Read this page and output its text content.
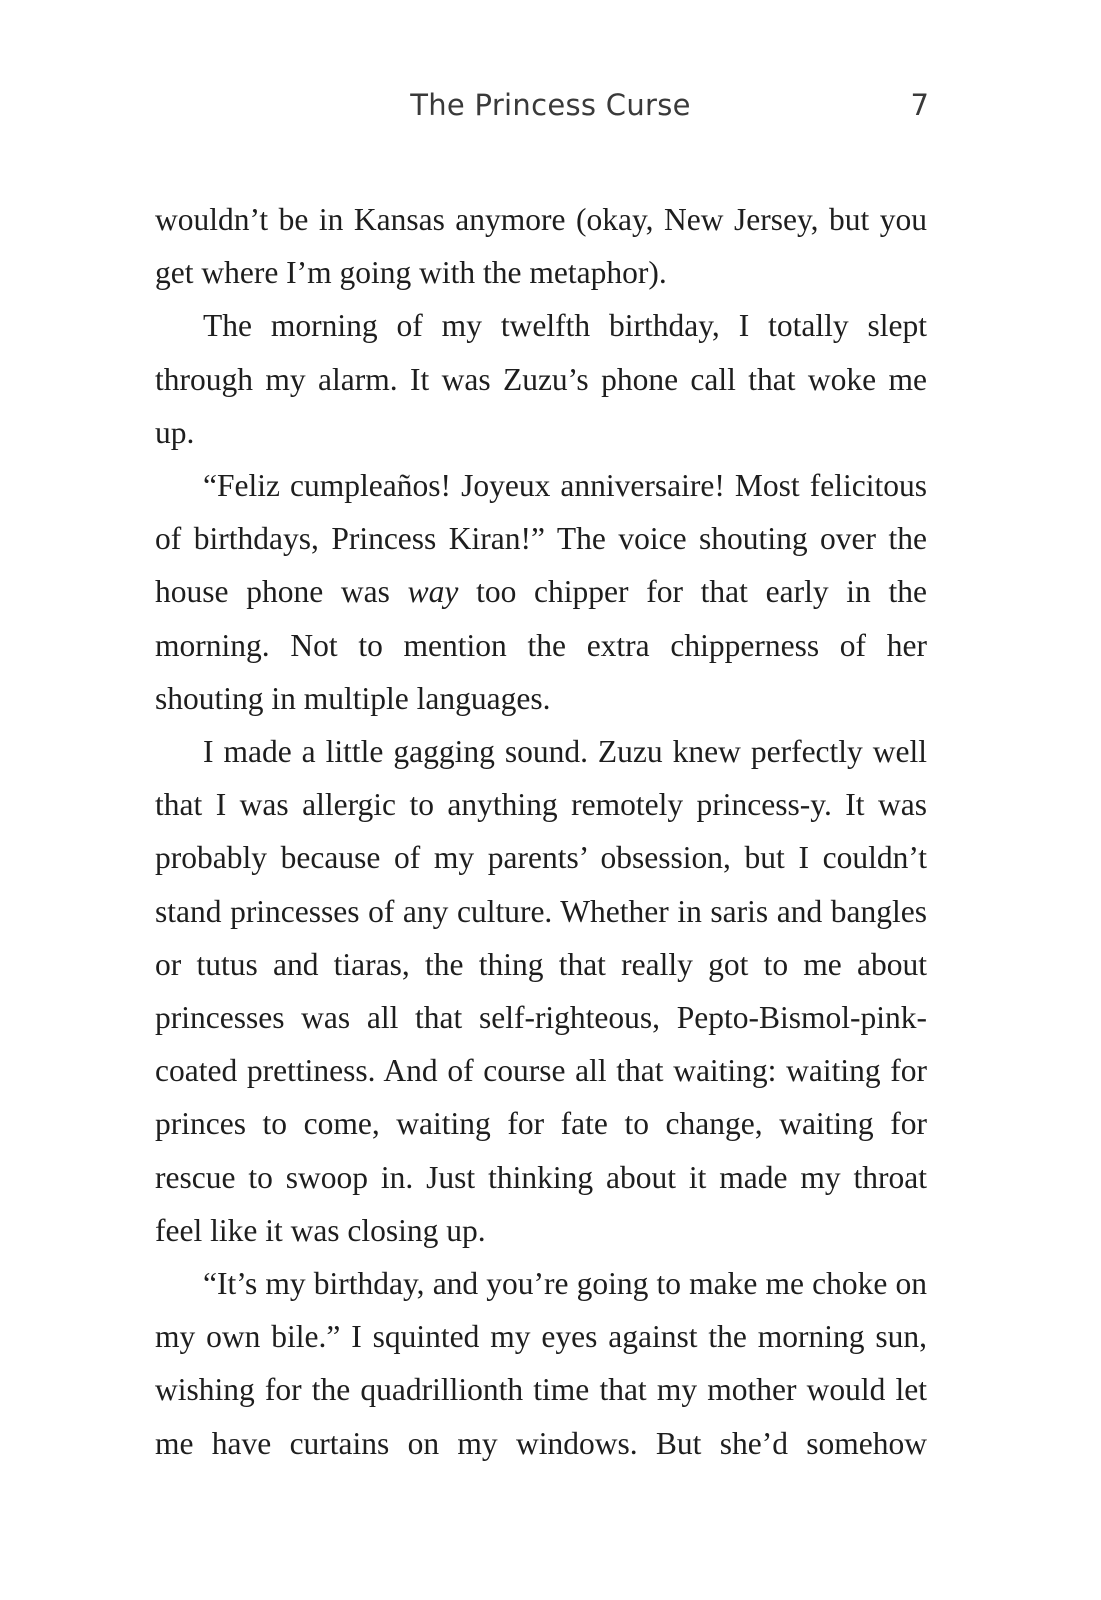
The Princess Curse	7

wouldn’t be in Kansas anymore (okay, New Jersey, but you get where I’m going with the metaphor).

The morning of my twelfth birthday, I totally slept through my alarm. It was Zuzu’s phone call that woke me up.

“Feliz cumpleaños! Joyeux anniversaire! Most felicitous of birthdays, Princess Kiran!” The voice shouting over the house phone was way too chipper for that early in the morning. Not to mention the extra chipperness of her shouting in multiple languages.

I made a little gagging sound. Zuzu knew perfectly well that I was allergic to anything remotely princess-y. It was probably because of my parents’ obsession, but I couldn’t stand princesses of any culture. Whether in saris and bangles or tutus and tiaras, the thing that really got to me about princesses was all that self-righteous, Pepto-Bismol-pink-coated prettiness. And of course all that waiting: waiting for princes to come, waiting for fate to change, waiting for rescue to swoop in. Just thinking about it made my throat feel like it was closing up.

“It’s my birthday, and you’re going to make me choke on my own bile.” I squinted my eyes against the morning sun, wishing for the quadrillionth time that my mother would let me have curtains on my windows. But she’d somehow
